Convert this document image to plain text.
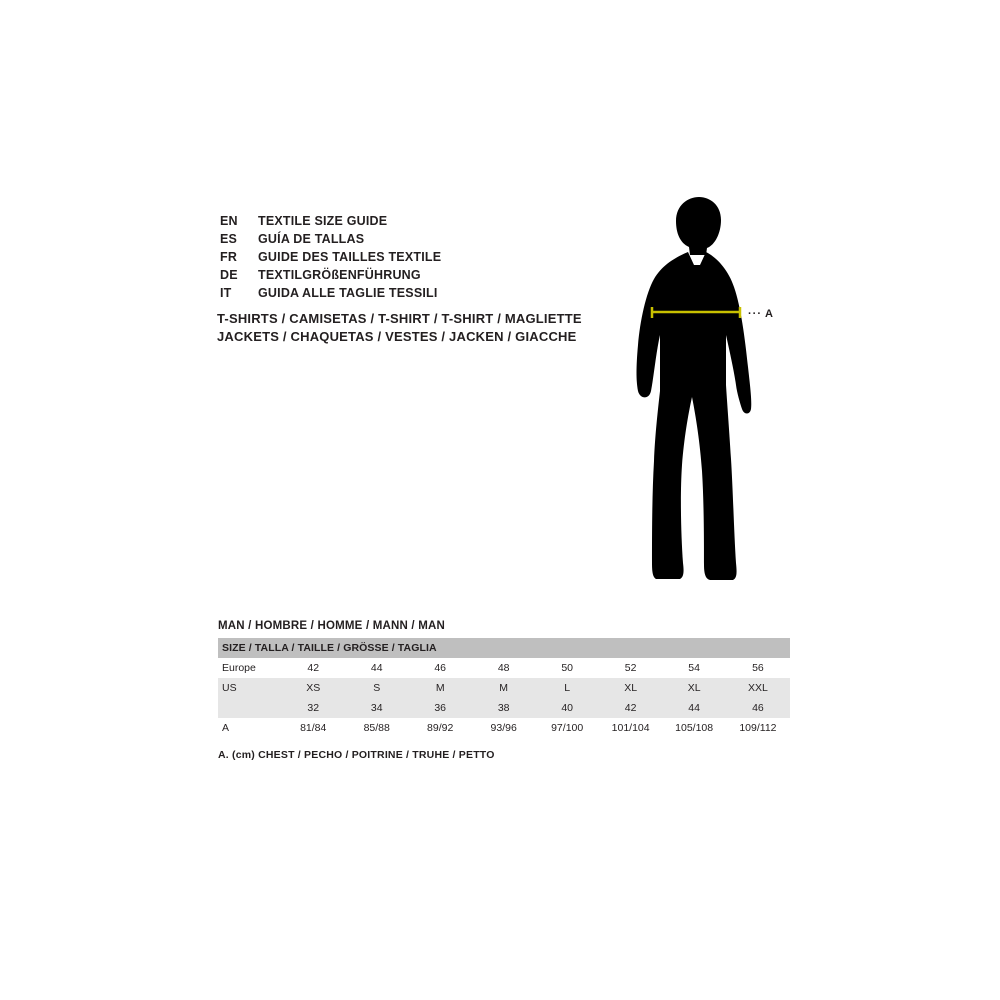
EN	TEXTILE SIZE GUIDE
ES	GUÍA DE TALLAS
FR	GUIDE DES TAILLES TEXTILE
DE	TEXTILGRÖßENFÜHRUNG
IT	GUIDA ALLE TAGLIE TESSILI
T-SHIRTS / CAMISETAS / T-SHIRT / T-SHIRT / MAGLIETTE
JACKETS / CHAQUETAS / VESTES / JACKEN / GIACCHE
··· A
MAN / HOMBRE / HOMME / MANN / MAN
SIZE / TALLA / TAILLE / GRÖSSE / TAGLIA								
Europe	42	44	46	48	50	52	54	56
US	XS	S	M	M	L	XL	XL	XXL
	32	34	36	38	40	42	44	46
A	81/84	85/88	89/92	93/96	97/100	101/104	105/108	109/112
A. (cm) CHEST / PECHO / POITRINE / TRUHE / PETTO
